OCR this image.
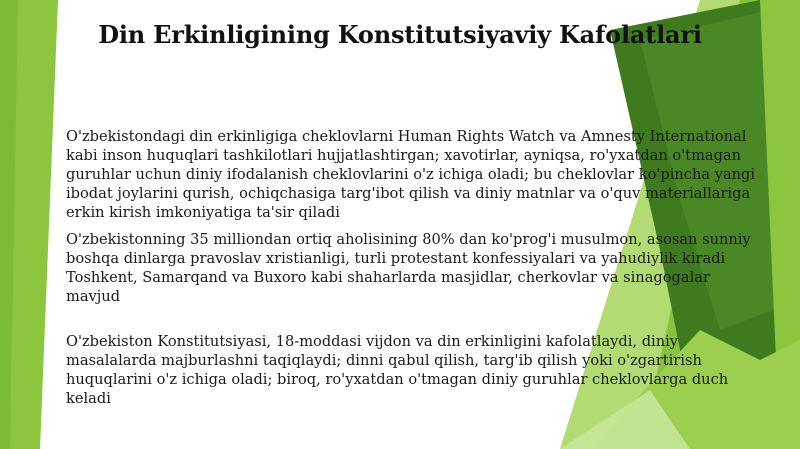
Din Erkinligining Konstitutsiyaviy Kafolatlari

O'zbekistondagi din erkinligiga cheklovlarni Human Rights Watch va Amnesty International kabi inson huquqlari tashkilotlari hujjatlashtirgan; xavotirlar, ayniqsa, ro'yxatdan o'tmagan guruhlar uchun diniy ifodalanish cheklovlarini o'z ichiga oladi; bu cheklovlar ko'pincha yangi ibodat joylarini qurish, ochiqchasiga targ'ibot qilish va diniy matnlar va o'quv materiallariga erkin kirish imkoniyatiga ta'sir qiladi

O'zbekistonning 35 milliondan ortiq aholisining 80% dan ko'prog'i musulmon, asosan sunniy boshqa dinlarga pravoslav xristianligi, turli protestant konfessiyalari va yahudiylik kiradi Toshkent, Samarqand va Buxoro kabi shaharlarda masjidlar, cherkovlar va sinagogalar mavjud

O'zbekiston Konstitutsiyasi, 18-moddasi vijdon va din erkinligini kafolatlaydi, diniy masalalarda majburlashni taqiqlaydi; dinni qabul qilish, targ'ib qilish yoki o'zgartirish huquqlarini o'z ichiga oladi; biroq, ro'yxatdan o'tmagan diniy guruhlar cheklovlarga duch keladi
